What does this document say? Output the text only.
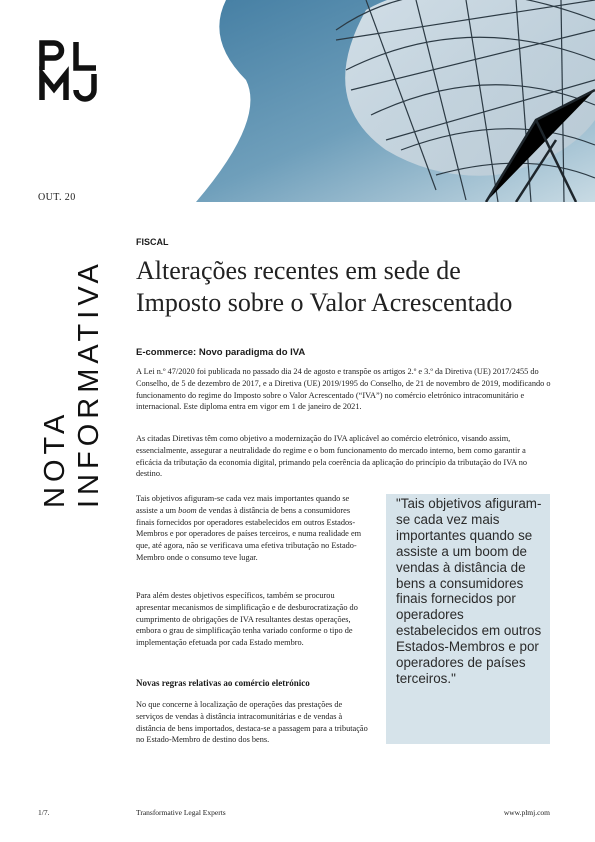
OUT. 20
NOTA INFORMATIVA
FISCAL
Alterações recentes em sede de
Imposto sobre o Valor Acrescentado
E-commerce: Novo paradigma do IVA

A Lei n.º 47/2020 foi publicada no passado dia 24 de agosto e transpõe os artigos 2.º e 3.º da Diretiva (UE) 2017/2455 do Conselho, de 5 de dezembro de 2017, e a Diretiva (UE) 2019/1995 do Conselho, de 21 de novembro de 2019, modificando o funcionamento do regime do Imposto sobre o Valor Acrescentado (“IVA”) no comércio eletrónico intracomunitário e internacional. Este diploma entra em vigor em 1 de janeiro de 2021.

As citadas Diretivas têm como objetivo a modernização do IVA aplicável ao comércio eletrónico, visando assim, essencialmente, assegurar a neutralidade do regime e o bom funcionamento do mercado interno, bem como garantir a eficácia da tributação da economia digital, primando pela coerência da aplicação do princípio da tributação do IVA no destino.

Tais objetivos afiguram-se cada vez mais importantes quando se assiste a um boom de vendas à distância de bens a consumidores finais fornecidos por operadores estabelecidos em outros Estados-Membros e por operadores de países terceiros, e numa realidade em que, até agora, não se verificava uma efetiva tributação no Estado-Membro onde o consumo teve lugar.

Para além destes objetivos específicos, também se procurou apresentar mecanismos de simplificação e de desburocratização do cumprimento de obrigações de IVA resultantes destas operações, embora o grau de simplificação tenha variado conforme o tipo de implementação efetuada por cada Estado membro.

Novas regras relativas ao comércio eletrónico

No que concerne à localização de operações das prestações de serviços de vendas à distância intracomunitárias e de vendas à distância de bens importados, destaca-se a passagem para a tributação no Estado-Membro de destino dos bens.

"Tais objetivos afiguram-se cada vez mais importantes quando se assiste a um boom de vendas à distância de bens a consumidores finais fornecidos por operadores estabelecidos em outros Estados-Membros e por operadores de países terceiros."

1/7.	Transformative Legal Experts	www.plmj.com
